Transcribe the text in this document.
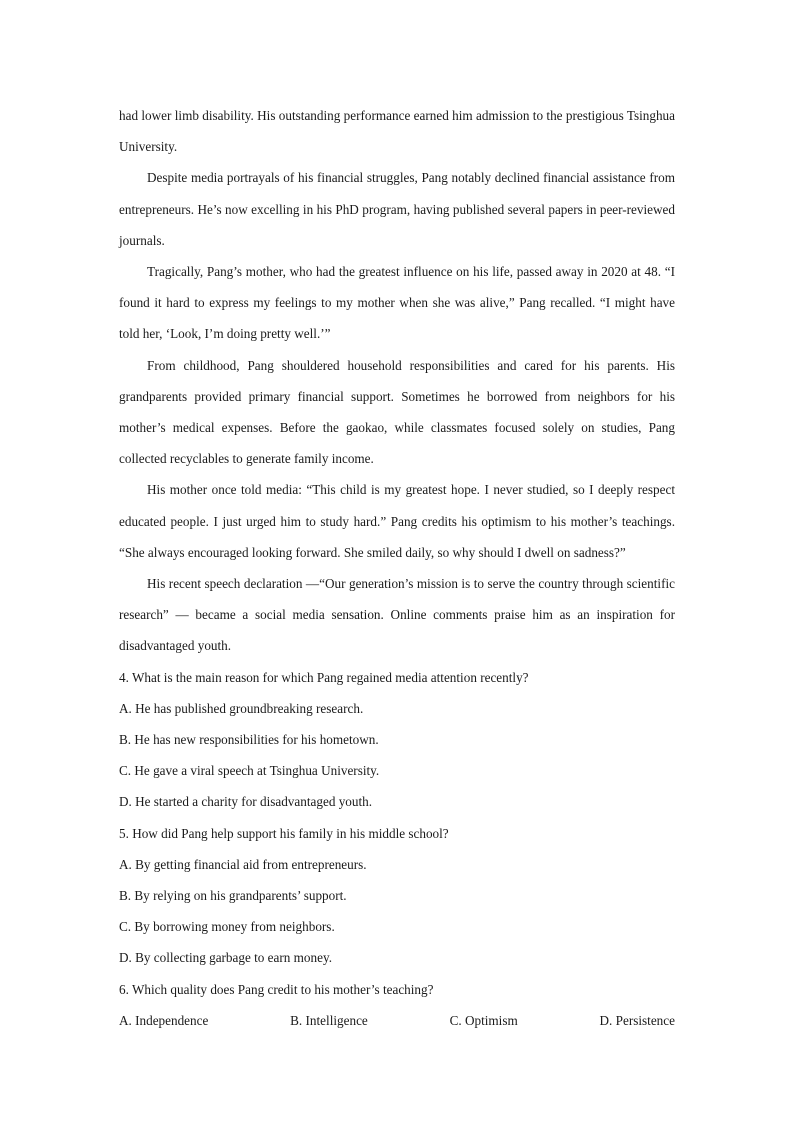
had lower limb disability. His outstanding performance earned him admission to the prestigious Tsinghua University.

Despite media portrayals of his financial struggles, Pang notably declined financial assistance from entrepreneurs. He’s now excelling in his PhD program, having published several papers in peer-reviewed journals.

Tragically, Pang’s mother, who had the greatest influence on his life, passed away in 2020 at 48. “I found it hard to express my feelings to my mother when she was alive,” Pang recalled. “I might have told her, ‘Look, I’m doing pretty well.’”

From childhood, Pang shouldered household responsibilities and cared for his parents. His grandparents provided primary financial support. Sometimes he borrowed from neighbors for his mother’s medical expenses. Before the gaokao, while classmates focused solely on studies, Pang collected recyclables to generate family income.

His mother once told media: “This child is my greatest hope. I never studied, so I deeply respect educated people. I just urged him to study hard.” Pang credits his optimism to his mother’s teachings. “She always encouraged looking forward. She smiled daily, so why should I dwell on sadness?”

His recent speech declaration —“Our generation’s mission is to serve the country through scientific research” — became a social media sensation. Online comments praise him as an inspiration for disadvantaged youth.

4. What is the main reason for which Pang regained media attention recently?

A. He has published groundbreaking research.

B. He has new responsibilities for his hometown.

C. He gave a viral speech at Tsinghua University.

D. He started a charity for disadvantaged youth.

5. How did Pang help support his family in his middle school?

A. By getting financial aid from entrepreneurs.

B. By relying on his grandparents’ support.

C. By borrowing money from neighbors.

D. By collecting garbage to earn money.

6. Which quality does Pang credit to his mother’s teaching?

A. Independence	B. Intelligence	C. Optimism	D. Persistence
